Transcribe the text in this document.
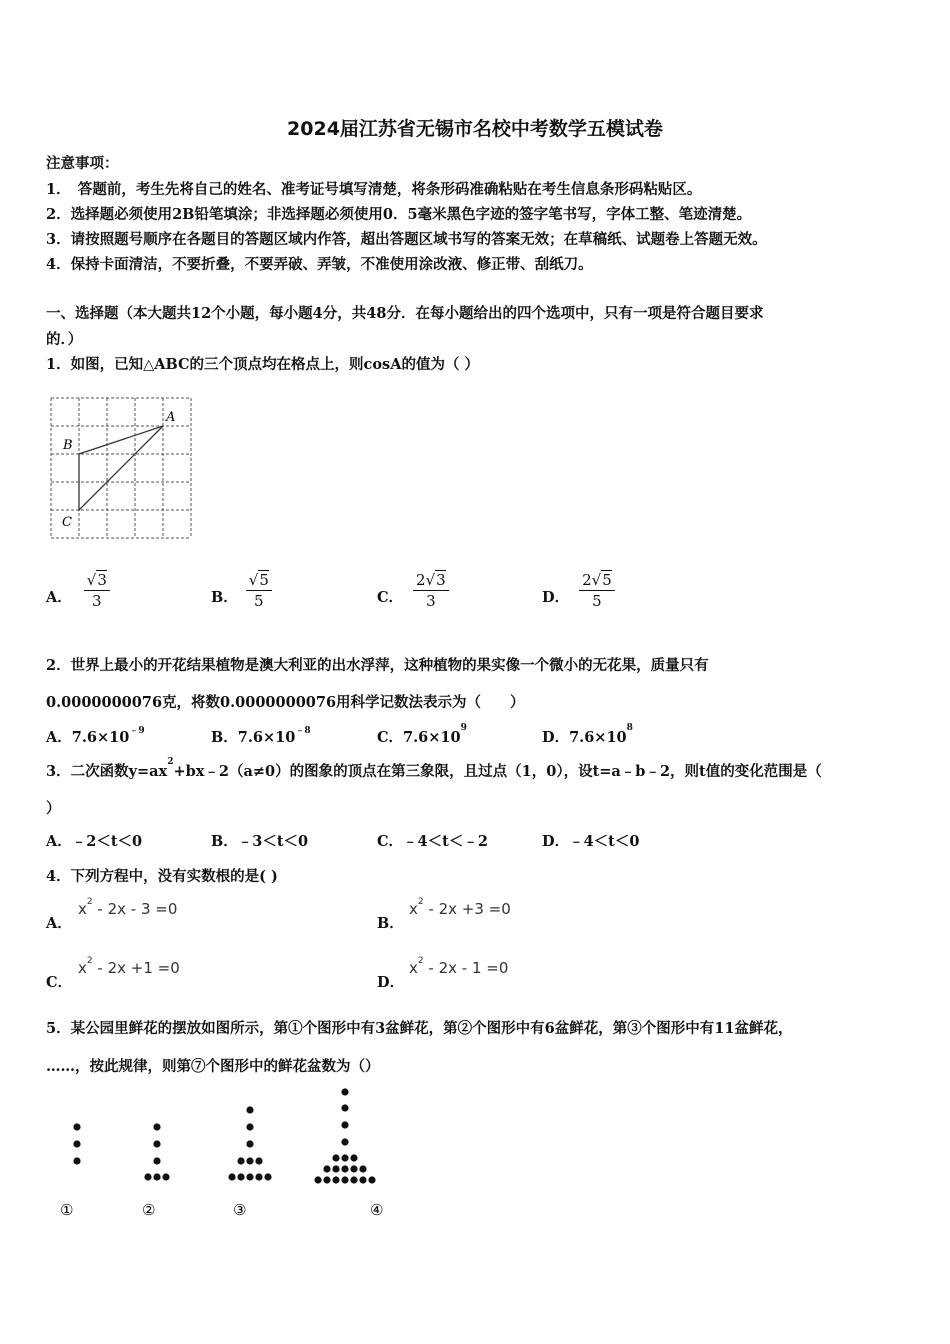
2024届江苏省无锡市名校中考数学五模试卷
注意事项：
1．　答题前，考生先将自己的姓名、准考证号填写清楚，将条形码准确粘贴在考生信息条形码粘贴区。
2．选择题必须使用2B铅笔填涂；非选择题必须使用0．5毫米黑色字迹的签字笔书写，字体工整、笔迹清楚。
3．请按照题号顺序在各题目的答题区域内作答，超出答题区域书写的答案无效；在草稿纸、试题卷上答题无效。
4．保持卡面清洁，不要折叠，不要弄破、弄皱，不准使用涂改液、修正带、刮纸刀。
一、选择题（本大题共12个小题，每小题4分，共48分．在每小题给出的四个选项中，只有一项是符合题目要求
的．）
1．如图，已知△ABC的三个顶点均在格点上，则cosA的值为（ ）
A
B
C
A． $\frac{√3}{3}$	B． $\frac{√5}{5}$	C． $\frac{2√3}{3}$	D． $\frac{2√5}{5}$
2．世界上最小的开花结果植物是澳大利亚的出水浮萍，这种植物的果实像一个微小的无花果，质量只有
0.0000000076克，将数0.0000000076用科学记数法表示为（　　）
A．$7.6\times 10^{﹣9}$	B．$7.6\times 10^{﹣8}$	C．$7.6\times 10^9$
D．$7.6\times 10^8$
3．二次函数$y=ax^2+bx﹣2(a\ne 0)$的图象的顶点在第三象限，且过点（1，0），设t=a﹣b﹣2，则t值的变化范围是（
）
A．﹣2＜t＜0	B．﹣3＜t＜0	C．﹣4＜t＜﹣2	D．﹣4＜t＜0
4．下列方程中，没有实数根的是( )
A．
$x^2 - 2x - 3 =0$
B．
$x^2 - 2x +3 =0$
C．
$x^2 - 2x +1 =0$
D．
$x^2 - 2x - 1 =0$
5．某公园里鲜花的摆放如图所示，第①个图形中有3盆鲜花，第②个图形中有6盆鲜花，第③个图形中有11盆鲜花，
……，按此规律，则第⑦个图形中的鲜花盆数为（）
①	②	③	④
